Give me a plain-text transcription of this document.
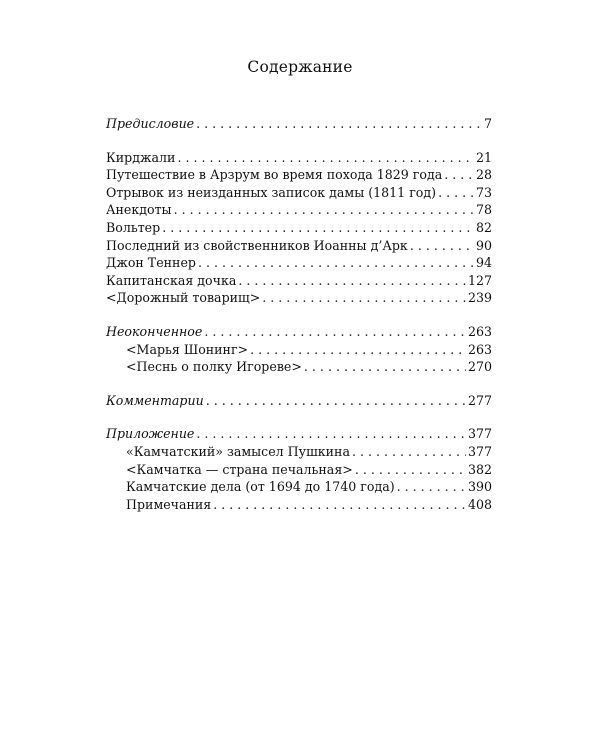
Содержание
Предисловие . . .	7
Кирджали . . .	21
Путешествие в Арзрум во время похода 1829 года . . .	28
Отрывок из неизданных записок дамы (1811 год) . . .	73
Анекдоты . . .	78
Вольтер . . .	82
Последний из свойственников Иоанны д’Арк . . .	90
Джон Теннер . . .	94
Капитанская дочка . . .	127
<Дорожный товарищ> . . .	239
Неоконченное . . .	263
<Марья Шонинг> . . .	263
<Песнь о полку Игореве> . . .	270
Комментарии . . .	277
Приложение . . .	377
«Камчатский» замысел Пушкина . . .	377
<Камчатка — страна печальная> . . .	382
Камчатские дела (от 1694 до 1740 года) . . .	390
Примечания . . .	408
